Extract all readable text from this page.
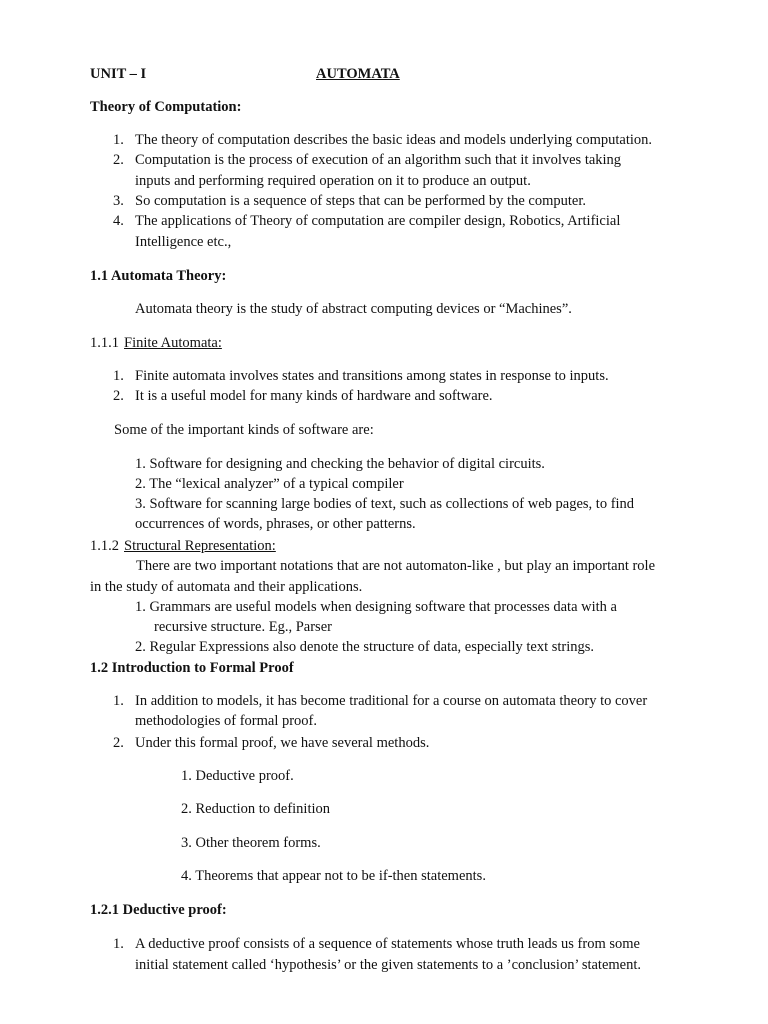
UNIT – I	AUTOMATA
Theory of Computation:
1. The theory of computation describes the basic ideas and models underlying computation.
2. Computation is the process of execution of an algorithm such that it involves taking
inputs and performing required operation on it to produce an output.
3. So computation is a sequence of steps that can be performed by the computer.
4. The applications of Theory of computation are compiler design, Robotics, Artificial
Intelligence etc.,
1.1 Automata Theory:
Automata theory is the study of abstract computing devices or “Machines”.
1.1.1 Finite Automata:
1. Finite automata involves states and transitions among states in response to inputs.
2. It is a useful model for many kinds of hardware and software.
Some of the important kinds of software are:
1. Software for designing and checking the behavior of digital circuits.
2. The “lexical analyzer” of a typical compiler
3. Software for scanning large bodies of text, such as collections of web pages, to find
occurrences of words, phrases, or other patterns.
1.1.2 Structural Representation:
There are two important notations that are not automaton-like , but play an important role
in the study of automata and their applications.
1. Grammars are useful models when designing software that processes data with a
recursive structure. Eg., Parser
2. Regular Expressions also denote the structure of data, especially text strings.
1.2 Introduction to Formal Proof
1. In addition to models, it has become traditional for a course on automata theory to cover
methodologies of formal proof.
2. Under this formal proof, we have several methods.
1. Deductive proof.
2. Reduction to definition
3. Other theorem forms.
4. Theorems that appear not to be if-then statements.
1.2.1 Deductive proof:
1. A deductive proof consists of a sequence of statements whose truth leads us from some
initial statement called ‘hypothesis’ or the given statements to a ’conclusion’ statement.
